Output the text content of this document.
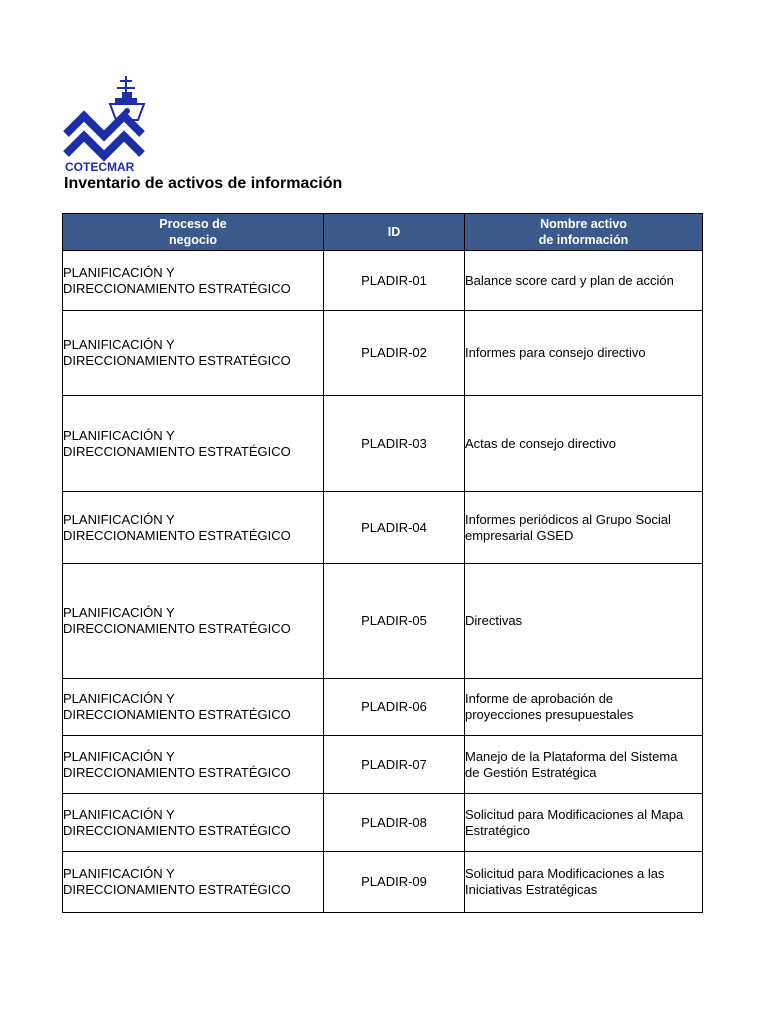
COTECMAR
Inventario de activos de información
Proceso de
negocio	ID	Nombre activo
de información

PLANIFICACIÓN Y
DIRECCIONAMIENTO ESTRATÉGICO	PLADIR-01	Balance score card y plan de acción

PLANIFICACIÓN Y
DIRECCIONAMIENTO ESTRATÉGICO	PLADIR-02	Informes para consejo directivo

PLANIFICACIÓN Y
DIRECCIONAMIENTO ESTRATÉGICO	PLADIR-03	Actas de consejo directivo

PLANIFICACIÓN Y
DIRECCIONAMIENTO ESTRATÉGICO	PLADIR-04	Informes periódicos al Grupo Social
empresarial GSED

PLANIFICACIÓN Y
DIRECCIONAMIENTO ESTRATÉGICO	PLADIR-05	Directivas

PLANIFICACIÓN Y
DIRECCIONAMIENTO ESTRATÉGICO	PLADIR-06	Informe de aprobación de
proyecciones presupuestales

PLANIFICACIÓN Y
DIRECCIONAMIENTO ESTRATÉGICO	PLADIR-07	Manejo de la Plataforma del Sistema
de Gestión Estratégica

PLANIFICACIÓN Y
DIRECCIONAMIENTO ESTRATÉGICO	PLADIR-08	Solicitud para Modificaciones al Mapa
Estratégico

PLANIFICACIÓN Y
DIRECCIONAMIENTO ESTRATÉGICO	PLADIR-09	Solicitud para Modificaciones a las
Iniciativas Estratégicas
